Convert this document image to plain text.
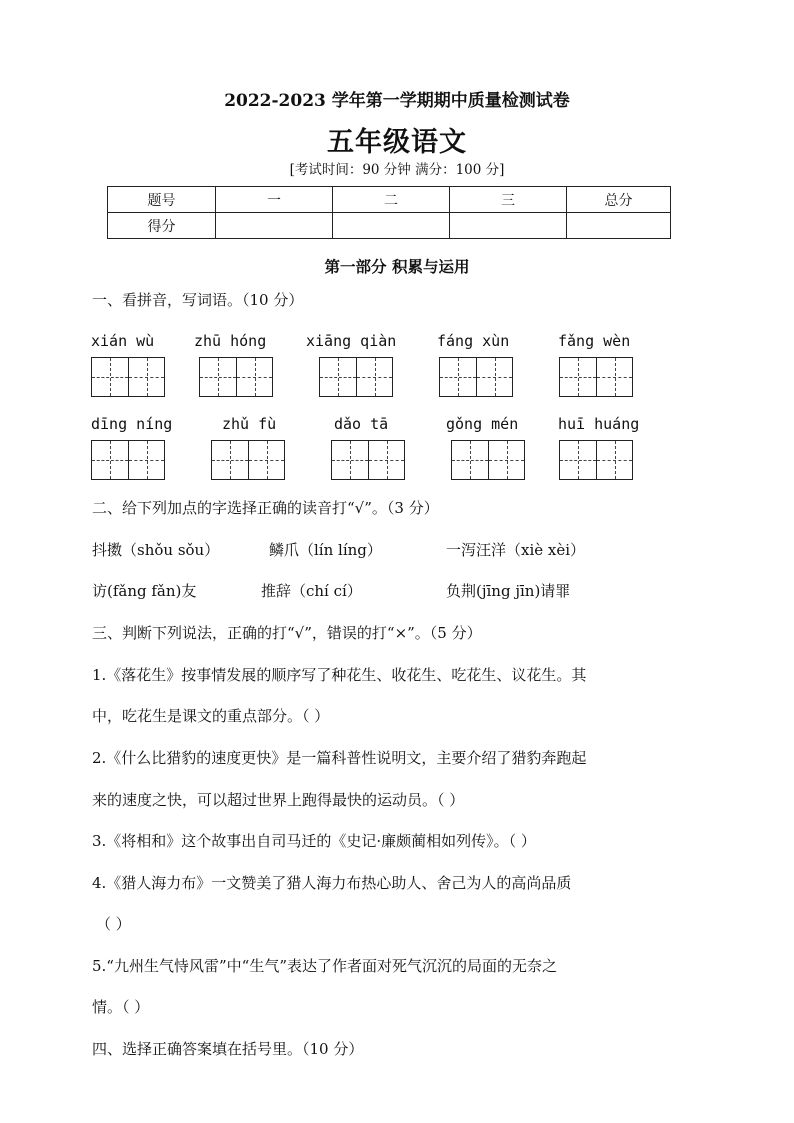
2022-2023 学年第一学期期中质量检测试卷
五年级语文
[考试时间：90 分钟 满分：100 分]
题号	一	二	三	总分
得分				
第一部分 积累与运用
一、看拼音，写词语。（10 分）
xián wù	zhū hóng	xiāng qiàn	fáng xùn	fǎng wèn
dīng níng	zhǔ fù	dǎo tā	gǒng mén	huī huáng
二、给下列加点的字选择正确的读音打“√”。（3 分）
抖擞（shǒu sǒu）	鳞爪（lín líng）	一泻汪洋（xiè xèi）
访(fǎng fǎn)友	推辞（chí cí）	负荆(jīng jīn)请罪
三、判断下列说法，正确的打“√”，错误的打“×”。（5 分）
1.《落花生》按事情发展的顺序写了种花生、收花生、吃花生、议花生。其
中，吃花生是课文的重点部分。（ ）
2.《什么比猎豹的速度更快》是一篇科普性说明文，主要介绍了猎豹奔跑起
来的速度之快，可以超过世界上跑得最快的运动员。（ ）
3.《将相和》这个故事出自司马迁的《史记·廉颇蔺相如列传》。（ ）
4.《猎人海力布》一文赞美了猎人海力布热心助人、舍己为人的高尚品质
（ ）
5.“九州生气恃风雷”中“生气”表达了作者面对死气沉沉的局面的无奈之
情。（ ）
四、选择正确答案填在括号里。（10 分）
